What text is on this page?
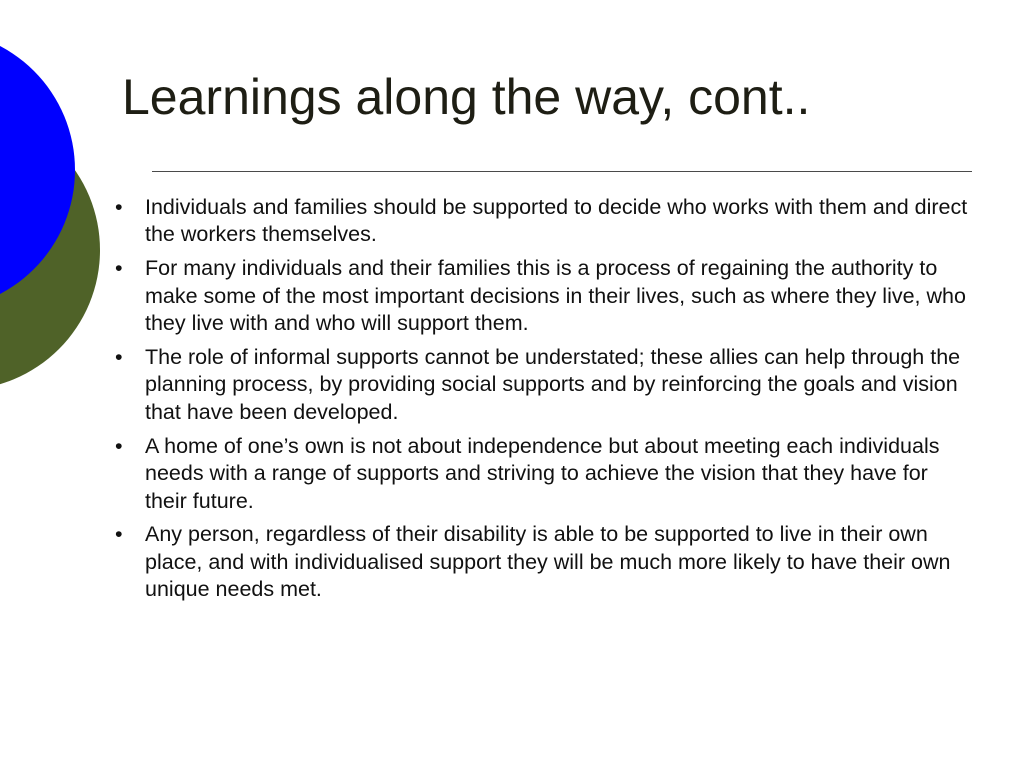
Learnings along the way, cont..
•	Individuals and families should be supported to decide who works with them and direct the workers themselves.
•	For many individuals and their families this is a process of regaining the authority to make some of the most important decisions in their lives, such as where they live, who they live with and who will support them.
•	The role of informal supports cannot be understated; these allies can help through the planning process, by providing social supports and by reinforcing the goals and vision that have been developed.
•	A home of one’s own is not about independence but about meeting each individuals needs with a range of supports and striving to achieve the vision that they have for their future.
•	Any person, regardless of their disability is able to be supported to live in their own place, and with individualised support they will be much more likely to have their own unique needs met.
